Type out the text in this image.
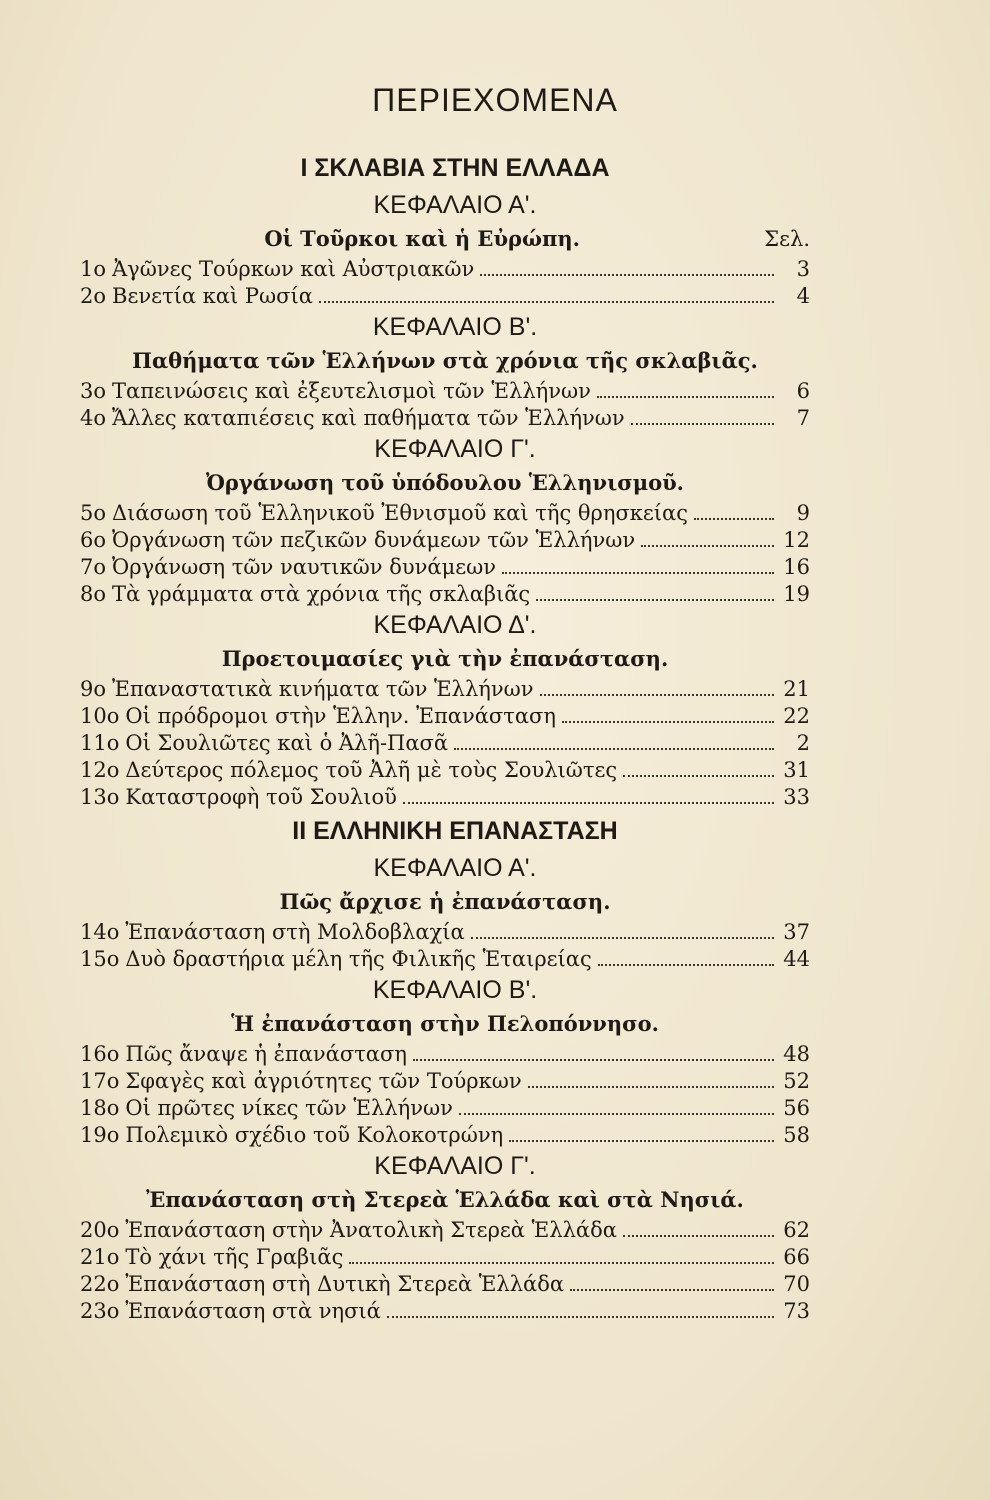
ΠΕΡΙΕΧΟΜΕΝΑ
I ΣΚΛΑΒΙΑ ΣΤΗΝ ΕΛΛΑΔΑ
ΚΕΦΑΛΑΙΟ Α'.
Οἱ Τοῦρκοι καὶ ἡ Εὐρώπη.	Σελ.
1ο Ἀγῶνες Τούρκων καὶ Αὐστριακῶν	3
2ο Βενετία καὶ Ρωσία	4
ΚΕΦΑΛΑΙΟ Β'.
Παθήματα τῶν Ἑλλήνων στὰ χρόνια τῆς σκλαβιᾶς.
3ο Ταπεινώσεις καὶ ἐξευτελισμοὶ τῶν Ἑλλήνων	6
4ο Ἄλλες καταπιέσεις καὶ παθήματα τῶν Ἑλλήνων	7
ΚΕΦΑΛΑΙΟ Γ'.
Ὀργάνωση τοῦ ὑπόδουλου Ἑλληνισμοῦ.
5ο Διάσωση τοῦ Ἑλληνικοῦ Ἐθνισμοῦ καὶ τῆς θρησκείας	9
6ο Ὀργάνωση τῶν πεζικῶν δυνάμεων τῶν Ἑλλήνων	12
7ο Ὀργάνωση τῶν ναυτικῶν δυνάμεων	16
8ο Τὰ γράμματα στὰ χρόνια τῆς σκλαβιᾶς	19
ΚΕΦΑΛΑΙΟ Δ'.
Προετοιμασίες γιὰ τὴν ἐπανάσταση.
9ο Ἐπαναστατικὰ κινήματα τῶν Ἑλλήνων	21
10ο Οἱ πρόδρομοι στὴν Ἑλλην. Ἐπανάσταση	22
11ο Οἱ Σουλιῶτες καὶ ὁ Ἀλῆ-Πασᾶ	2
12ο Δεύτερος πόλεμος τοῦ Ἀλῆ μὲ τοὺς Σουλιῶτες	31
13ο Καταστροφὴ τοῦ Σουλιοῦ	33
II ΕΛΛΗΝΙΚΗ ΕΠΑΝΑΣΤΑΣΗ
ΚΕΦΑΛΑΙΟ Α'.
Πῶς ἄρχισε ἡ ἐπανάσταση.
14ο Ἐπανάσταση στὴ Μολδοβλαχία	37
15ο Δυὸ δραστήρια μέλη τῆς Φιλικῆς Ἑταιρείας	44
ΚΕΦΑΛΑΙΟ Β'.
Ἡ ἐπανάσταση στὴν Πελοπόννησο.
16ο Πῶς ἄναψε ἡ ἐπανάσταση	48
17ο Σφαγὲς καὶ ἀγριότητες τῶν Τούρκων	52
18ο Οἱ πρῶτες νίκες τῶν Ἑλλήνων	56
19ο Πολεμικὸ σχέδιο τοῦ Κολοκοτρώνη	58
ΚΕΦΑΛΑΙΟ Γ'.
Ἐπανάσταση στὴ Στερεὰ Ἑλλάδα καὶ στὰ Νησιά.
20ο Ἐπανάσταση στὴν Ἀνατολικὴ Στερεὰ Ἑλλάδα	62
21ο Τὸ χάνι τῆς Γραβιᾶς	66
22ο Ἐπανάσταση στὴ Δυτικὴ Στερεὰ Ἑλλάδα	70
23ο Ἐπανάσταση στὰ νησιά	73
